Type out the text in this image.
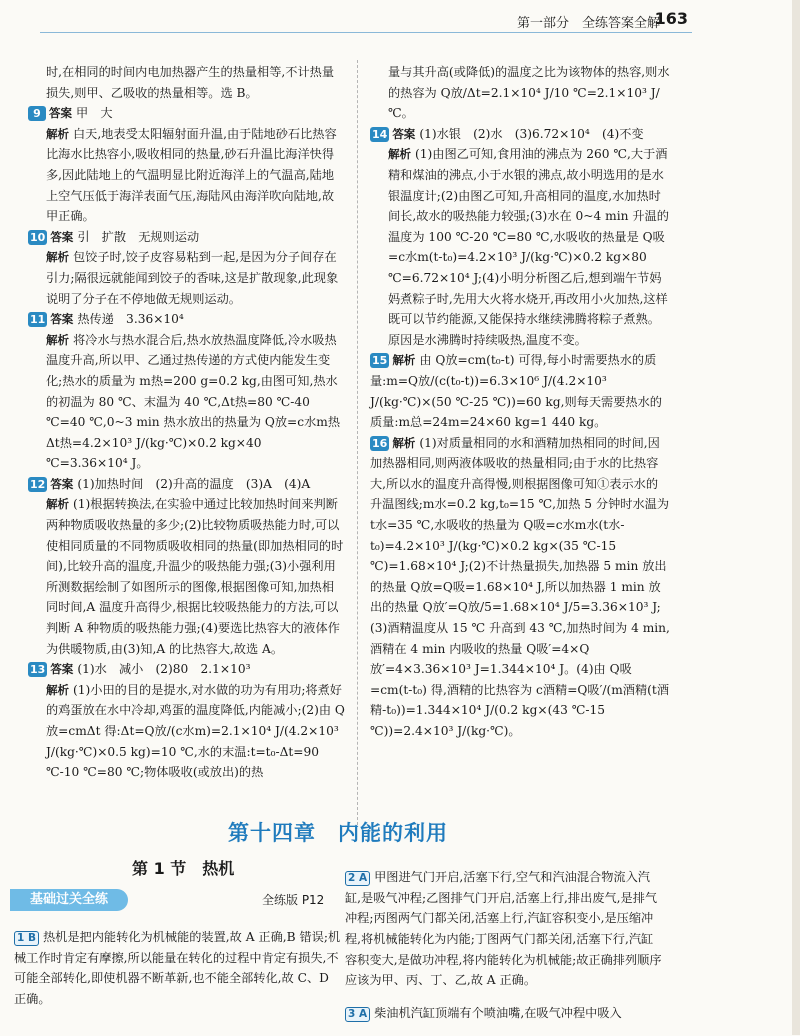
第一部分　全练答案全解
163

时,在相同的时间内电加热器产生的热量相等,不计热量损失,则甲、乙吸收的热量相等。选 B。

9 答案 甲　大

解析 白天,地表受太阳辐射面升温,由于陆地砂石比热容比海水比热容小,吸收相同的热量,砂石升温比海洋快得多,因此陆地上的气温明显比附近海洋上的气温高,陆地上空气压低于海洋表面气压,海陆风由海洋吹向陆地,故甲正确。

10 答案 引　扩散　无规则运动

解析 包饺子时,饺子皮容易粘到一起,是因为分子间存在引力;隔很远就能闻到饺子的香味,这是扩散现象,此现象说明了分子在不停地做无规则运动。

11 答案 热传递　3.36×10⁴

解析 将冷水与热水混合后,热水放热温度降低,冷水吸热温度升高,所以甲、乙通过热传递的方式使内能发生变化;热水的质量为 m热=200 g=0.2 kg,由图可知,热水的初温为 80 ℃、末温为 40 ℃,Δt热=80 ℃-40 ℃=40 ℃,0~3 min 热水放出的热量为 Q放=c水m热Δt热=4.2×10³ J/(kg·℃)×0.2 kg×40 ℃=3.36×10⁴ J。

12 答案 (1)加热时间　(2)升高的温度　(3)A　(4)A

解析 (1)根据转换法,在实验中通过比较加热时间来判断两种物质吸收热量的多少;(2)比较物质吸热能力时,可以使相同质量的不同物质吸收相同的热量(即加热相同的时间),比较升高的温度,升温少的吸热能力强;(3)小强利用所测数据绘制了如图所示的图像,根据图像可知,加热相同时间,A 温度升高得少,根据比较吸热能力的方法,可以判断 A 种物质的吸热能力强;(4)要选比热容大的液体作为供暖物质,由(3)知,A 的比热容大,故选 A。

13 答案 (1)水　减小　(2)80　2.1×10³

解析 (1)小田的目的是提水,对水做的功为有用功;将煮好的鸡蛋放在水中冷却,鸡蛋的温度降低,内能减小;(2)由 Q放=cmΔt 得:Δt=Q放/(c水m)=2.1×10⁴ J/(4.2×10³ J/(kg·℃)×0.5 kg)=10 ℃,水的末温:t=t₀-Δt=90 ℃-10 ℃=80 ℃;物体吸收(或放出)的热

量与其升高(或降低)的温度之比为该物体的热容,则水的热容为 Q放/Δt=2.1×10⁴ J/10 ℃=2.1×10³ J/℃。

14 答案 (1)水银　(2)水　(3)6.72×10⁴　(4)不变

解析 (1)由图乙可知,食用油的沸点为 260 ℃,大于酒精和煤油的沸点,小于水银的沸点,故小明选用的是水银温度计;(2)由图乙可知,升高相同的温度,水加热时间长,故水的吸热能力较强;(3)水在 0~4 min 升温的温度为 100 ℃-20 ℃=80 ℃,水吸收的热量是 Q吸=c水m(t-t₀)=4.2×10³ J/(kg·℃)×0.2 kg×80 ℃=6.72×10⁴ J;(4)小明分析图乙后,想到端午节妈妈煮粽子时,先用大火将水烧开,再改用小火加热,这样既可以节约能源,又能保持水继续沸腾将粽子煮熟。原因是水沸腾时持续吸热,温度不变。

15 解析 由 Q放=cm(t₀-t) 可得,每小时需要热水的质量:m=Q放/(c(t₀-t))=6.3×10⁶ J/(4.2×10³ J/(kg·℃)×(50 ℃-25 ℃))=60 kg,则每天需要热水的质量:m总=24m=24×60 kg=1 440 kg。

16 解析 (1)对质量相同的水和酒精加热相同的时间,因加热器相同,则两液体吸收的热量相同;由于水的比热容大,所以水的温度升高得慢,则根据图像可知①表示水的升温图线;m水=0.2 kg,t₀=15 ℃,加热 5 分钟时水温为 t水=35 ℃,水吸收的热量为 Q吸=c水m水(t水-t₀)=4.2×10³ J/(kg·℃)×0.2 kg×(35 ℃-15 ℃)=1.68×10⁴ J;(2)不计热量损失,加热器 5 min 放出的热量 Q放=Q吸=1.68×10⁴ J,所以加热器 1 min 放出的热量 Q放′=Q放/5=1.68×10⁴ J/5=3.36×10³ J;(3)酒精温度从 15 ℃ 升高到 43 ℃,加热时间为 4 min,酒精在 4 min 内吸收的热量 Q吸′=4×Q放′=4×3.36×10³ J=1.344×10⁴ J。(4)由 Q吸=cm(t-t₀) 得,酒精的比热容为 c酒精=Q吸′/(m酒精(t酒精-t₀))=1.344×10⁴ J/(0.2 kg×(43 ℃-15 ℃))=2.4×10³ J/(kg·℃)。

第十四章　内能的利用
第 1 节　热机
基础过关全练	全练版 P12

1 B 热机是把内能转化为机械能的装置,故 A 正确,B 错误;机械工作时肯定有摩擦,所以能量在转化的过程中肯定有损失,不可能全部转化,即使机器不断革新,也不能全部转化,故 C、D 正确。

2 A 甲图进气门开启,活塞下行,空气和汽油混合物流入汽缸,是吸气冲程;乙图排气门开启,活塞上行,排出废气,是排气冲程;丙图两气门都关闭,活塞上行,汽缸容积变小,是压缩冲程,将机械能转化为内能;丁图两气门都关闭,活塞下行,汽缸容积变大,是做功冲程,将内能转化为机械能;故正确排列顺序应该为甲、丙、丁、乙,故 A 正确。

3 A 柴油机汽缸顶端有个喷油嘴,在吸气冲程中吸入
